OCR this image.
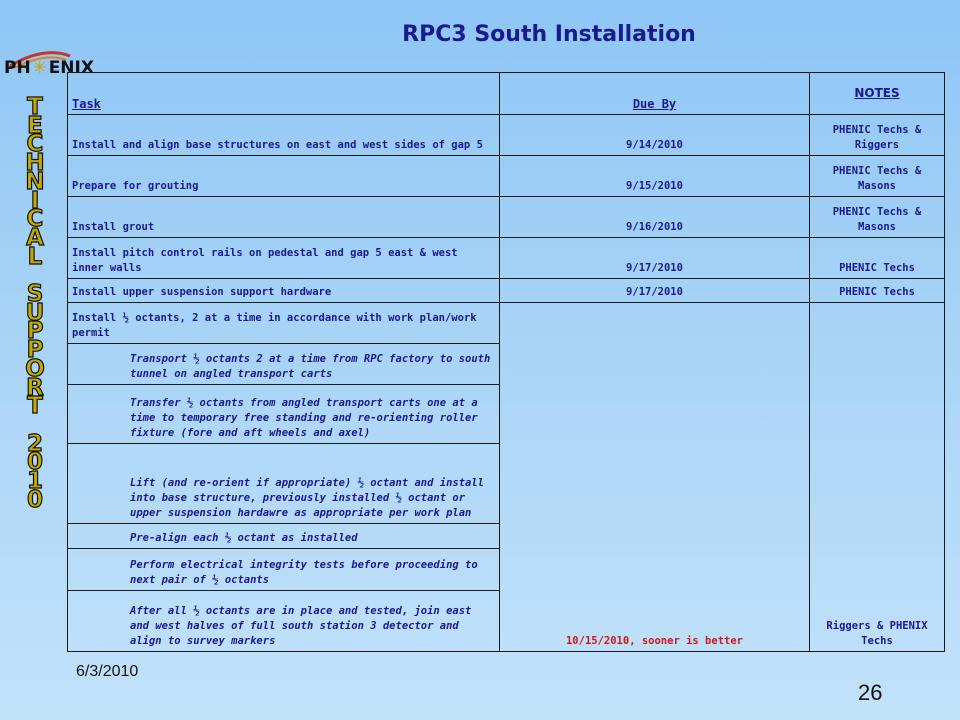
RPC3 South Installation
PH ✳ ENIX
T
E
C
H
N
I
C
A
L

S
U
P
P
O
R
T

2
0
1
0
Task	Due By	NOTES
Install and align base structures on east and west sides of gap 5	9/14/2010	PHENIC Techs & Riggers
Prepare for grouting	9/15/2010	PHENIC Techs & Masons
Install grout	9/16/2010	PHENIC Techs & Masons
Install pitch control rails on pedestal and gap 5 east & west inner walls	9/17/2010	PHENIC Techs
Install upper suspension support hardware	9/17/2010	PHENIC Techs
Install ½ octants, 2 at a time in accordance with work plan/work permit	10/15/2010, sooner is better	Riggers & PHENIX Techs
Transport ½ octants 2 at a time from RPC factory to south tunnel on angled transport carts		
Transfer ½ octants from angled transport carts one at a time to temporary free standing and re-orienting roller fixture (fore and aft wheels and axel)		
Lift (and re-orient if appropriate) ½ octant and install into base structure, previously installed ½ octant or upper suspension hardawre as appropriate per work plan		
Pre-align each ½ octant as installed		
Perform electrical integrity tests before proceeding to next pair of ½ octants		
After all ½ octants are in place and tested, join east and west halves of full south station 3 detector and align to survey markers		
6/3/2010
26
